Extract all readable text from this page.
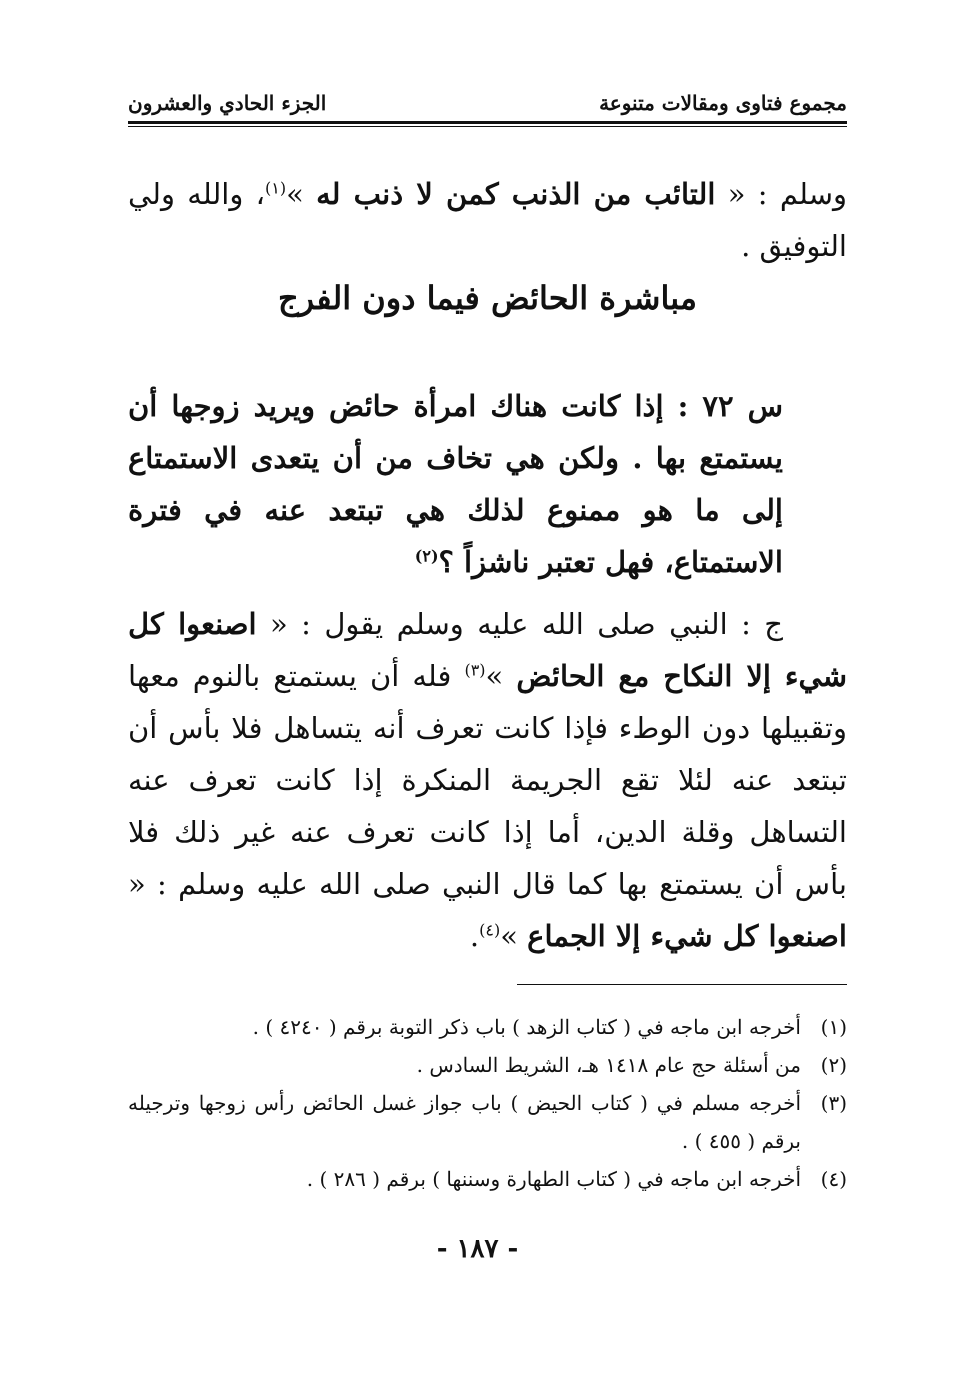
مجموع فتاوى ومقالات متنوعة
الجزء الحادي والعشرون
وسلم : « التائب من الذنب كمن لا ذنب له »$^{(١)}$، والله ولي التوفيق .
مباشرة الحائض فيما دون الفرج
س ٧٢ : إذا كانت هناك امرأة حائض ويريد زوجها أن يستمتع بها . ولكن هي تخاف من أن يتعدى الاستمتاع إلى ما هو ممنوع لذلك هي تبتعد عنه في فترة الاستمتاع، فهل تعتبر ناشزاً ؟$^{(٢)}$
ج : النبي صلى الله عليه وسلم يقول : « اصنعوا كل شيء إلا النكاح مع الحائض »$^{(٣)}$ فله أن يستمتع بالنوم معها وتقبيلها دون الوطء فإذا كانت تعرف أنه يتساهل فلا بأس أن تبتعد عنه لئلا تقع الجريمة المنكرة إذا كانت تعرف عنه التساهل وقلة الدين، أما إذا كانت تعرف عنه غير ذلك فلا بأس أن يستمتع بها كما قال النبي صلى الله عليه وسلم : « اصنعوا كل شيء إلا الجماع »$^{(٤)}$.
(١)
أخرجه ابن ماجه في ( كتاب الزهد ) باب ذكر التوبة برقم ( ٤٢٤٠ ) .
(٢)
من أسئلة حج عام ١٤١٨ هـ، الشريط السادس .
(٣)
أخرجه مسلم في ( كتاب الحيض ) باب جواز غسل الحائض رأس زوجها وترجيله برقم ( ٤٥٥ ) .
(٤)
أخرجه ابن ماجه في ( كتاب الطهارة وسننها ) برقم ( ٢٨٦ ) .
- ١٨٧ -
